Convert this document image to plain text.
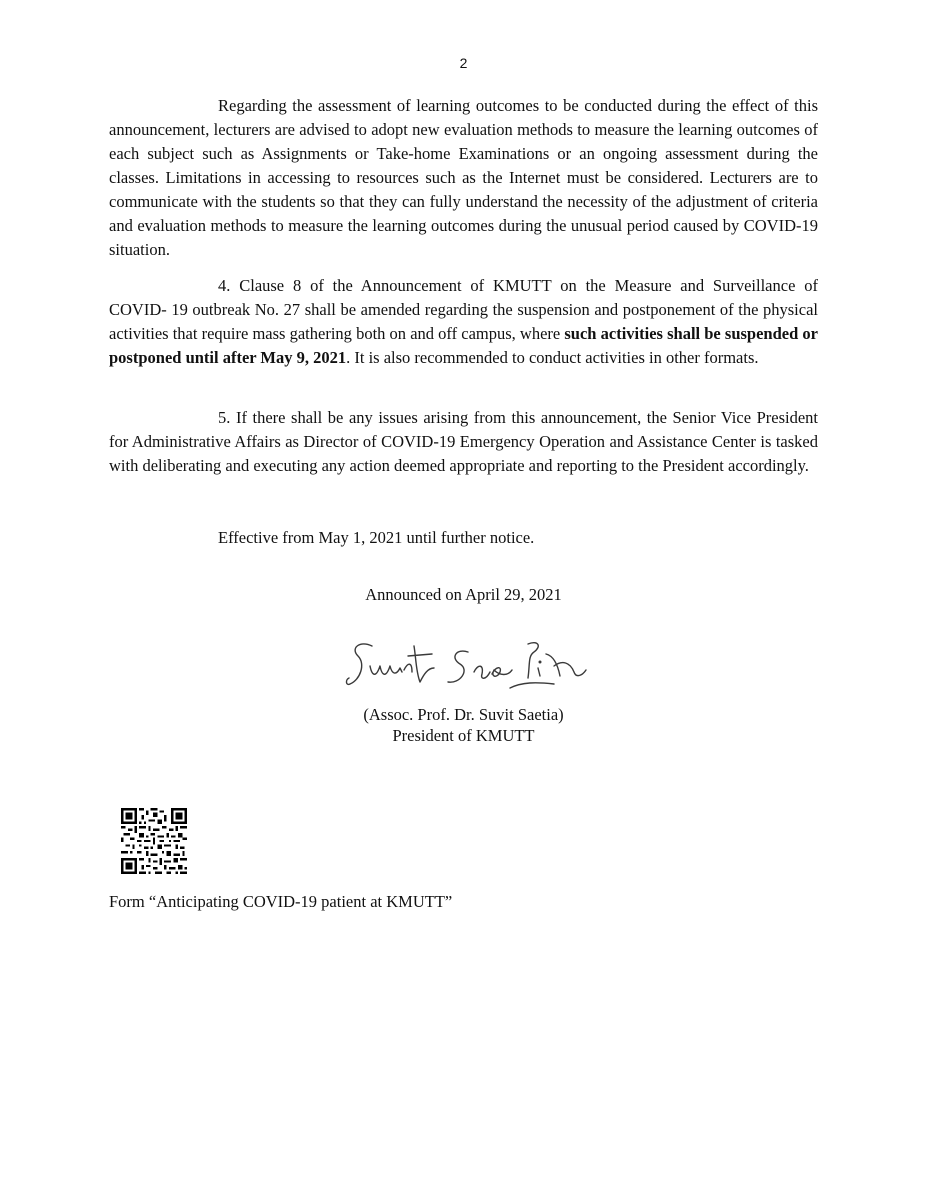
2

Regarding the assessment of learning outcomes to be conducted during the effect of this announcement, lecturers are advised to adopt new evaluation methods to measure the learning outcomes of each subject such as Assignments or Take-home Examinations or an ongoing assessment during the classes. Limitations in accessing to resources such as the Internet must be considered. Lecturers are to communicate with the students so that they can fully understand the necessity of the adjustment of criteria and evaluation methods to measure the learning outcomes during the unusual period caused by COVID-19 situation.

4. Clause 8 of the Announcement of KMUTT on the Measure and Surveillance of COVID- 19 outbreak No. 27 shall be amended regarding the suspension and postponement of the physical activities that require mass gathering both on and off campus, where such activities shall be suspended or postponed until after May 9, 2021. It is also recommended to conduct activities in other formats.

5. If there shall be any issues arising from this announcement, the Senior Vice President for Administrative Affairs as Director of COVID-19 Emergency Operation and Assistance Center is tasked with deliberating and executing any action deemed appropriate and reporting to the President accordingly.

Effective from May 1, 2021 until further notice.
Announced on April 29, 2021
(Assoc. Prof. Dr. Suvit Saetia)
President of KMUTT
Form “Anticipating COVID-19 patient at KMUTT”
